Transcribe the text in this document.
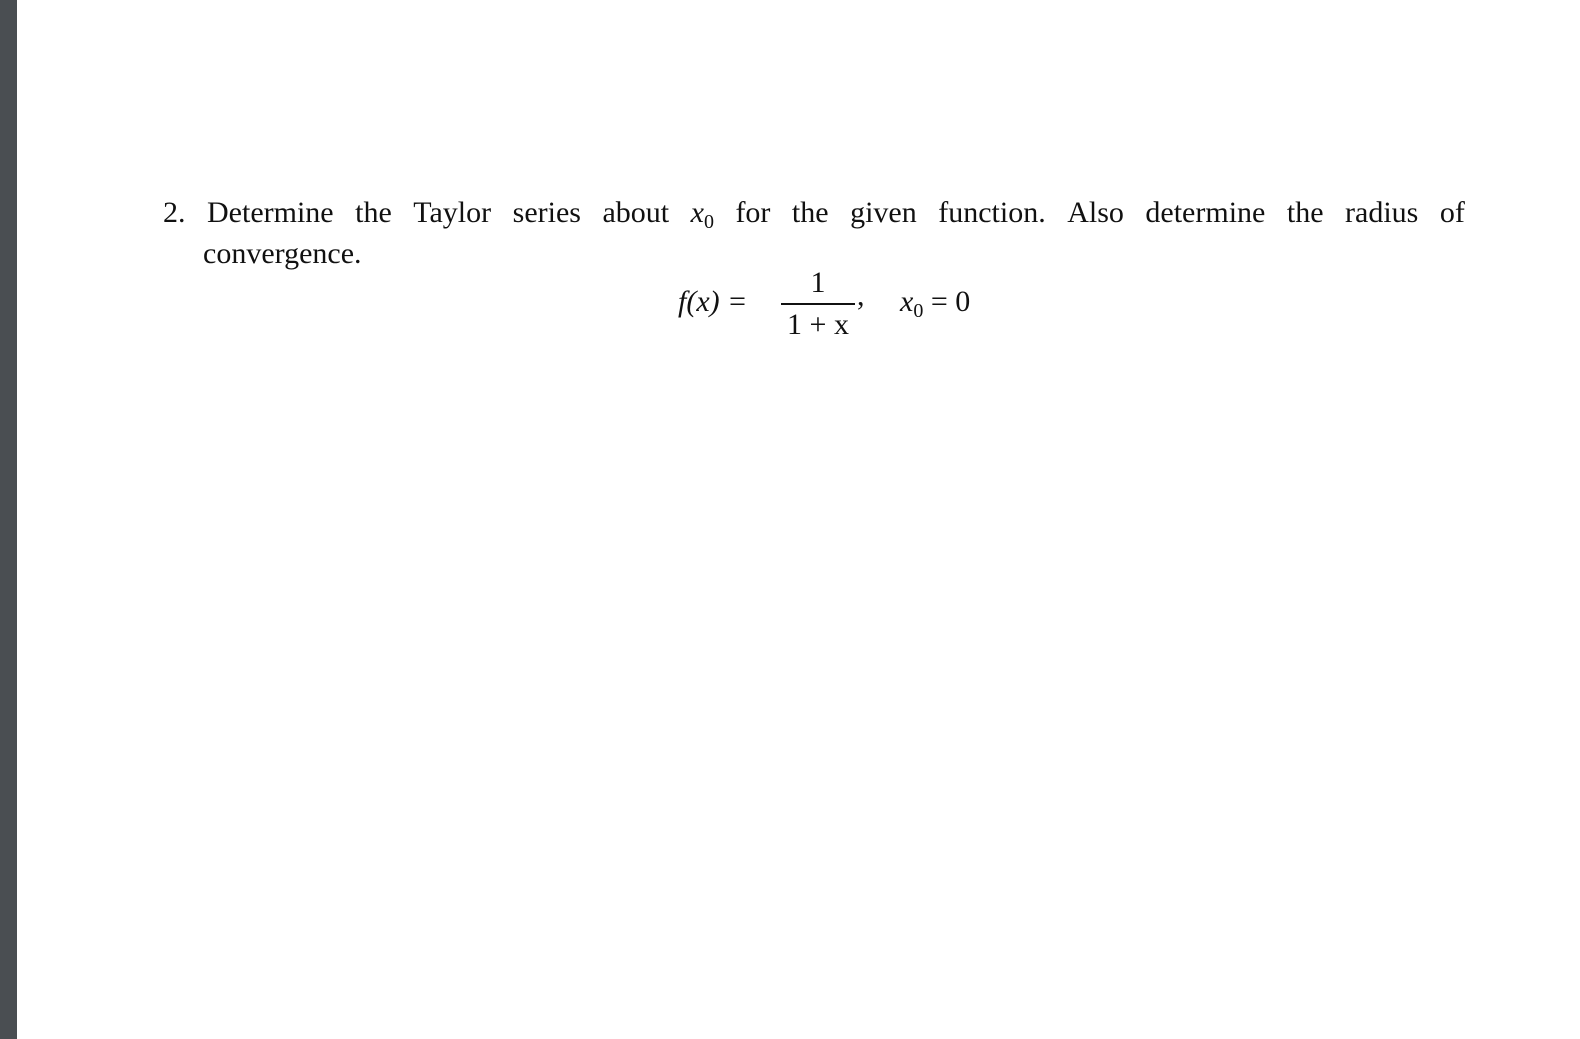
2. Determine the Taylor series about x0 for the given function. Also determine the radius of
convergence.
f(x) =
1
1 + x
, $x_0 = 0$
